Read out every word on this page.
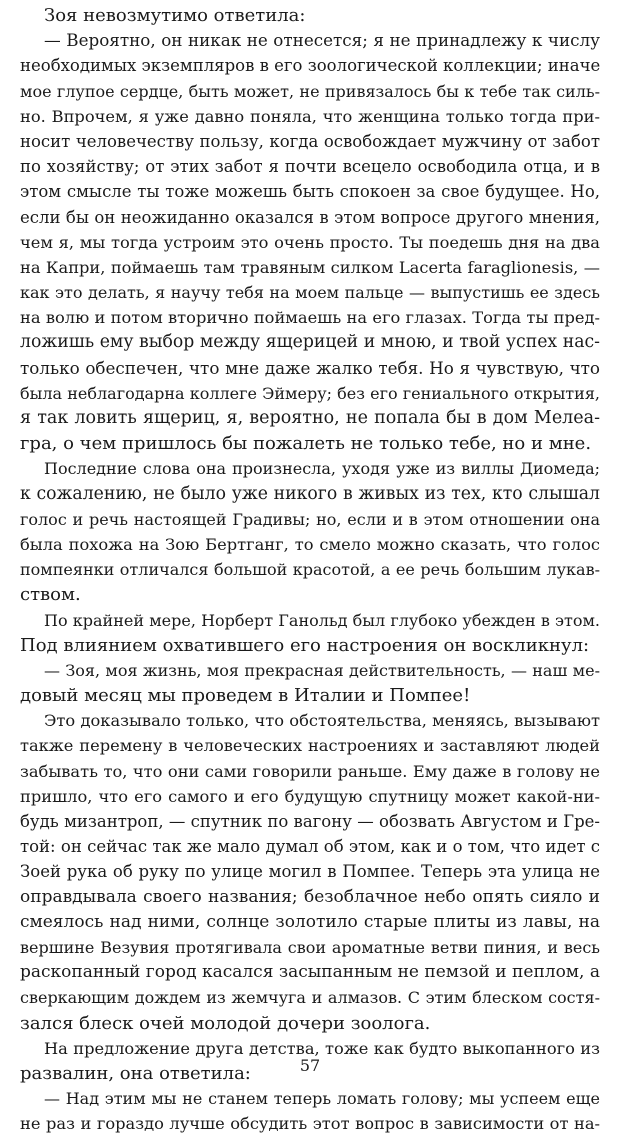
Зоя невозмутимо ответила:
— Вероятно, он никак не отнесется; я не принадлежу к числу
необходимых экземпляров в его зоологической коллекции; иначе
мое глупое сердце, быть может, не привязалось бы к тебе так силь-
но. Впрочем, я уже давно поняла, что женщина только тогда при-
носит человечеству пользу, когда освобождает мужчину от забот
по хозяйству; от этих забот я почти всецело освободила отца, и в
этом смысле ты тоже можешь быть спокоен за свое будущее. Но,
если бы он неожиданно оказался в этом вопросе другого мнения,
чем я, мы тогда устроим это очень просто. Ты поедешь дня на два
на Капри, поймаешь там травяным силком Lacerta faraglionesis, —
как это делать, я научу тебя на моем пальце — выпустишь ее здесь
на волю и потом вторично поймаешь на его глазах. Тогда ты пред-
ложишь ему выбор между ящерицей и мною, и твой успех нас-
только обеспечен, что мне даже жалко тебя. Но я чувствую, что
была неблагодарна коллеге Эймеру; без его гениального открытия,
я так ловить ящериц, я, вероятно, не попала бы в дом Мелеа-
гра, о чем пришлось бы пожалеть не только тебе, но и мне.
Последние слова она произнесла, уходя уже из виллы Диомеда;
к сожалению, не было уже никого в живых из тех, кто слышал
голос и речь настоящей Градивы; но, если и в этом отношении она
была похожа на Зою Бертганг, то смело можно сказать, что голос
помпеянки отличался большой красотой, а ее речь большим лукав-
ством.
По крайней мере, Норберт Ганольд был глубоко убежден в этом.
Под влиянием охватившего его настроения он воскликнул:
— Зоя, моя жизнь, моя прекрасная действительность, — наш ме-
довый месяц мы проведем в Италии и Помпее!
Это доказывало только, что обстоятельства, меняясь, вызывают
также перемену в человеческих настроениях и заставляют людей
забывать то, что они сами говорили раньше. Ему даже в голову не
пришло, что его самого и его будущую спутницу может какой-ни-
будь мизантроп, — спутник по вагону — обозвать Августом и Гре-
той: он сейчас так же мало думал об этом, как и о том, что идет с
Зоей рука об руку по улице могил в Помпее. Теперь эта улица не
оправдывала своего названия; безоблачное небо опять сияло и
смеялось над ними, солнце золотило старые плиты из лавы, на
вершине Везувия протягивала свои ароматные ветви пиния, и весь
раскопанный город касался засыпанным не пемзой и пеплом, а
сверкающим дождем из жемчуга и алмазов. С этим блеском состя-
зался блеск очей молодой дочери зоолога.
На предложение друга детства, тоже как будто выкопанного из
развалин, она ответила:
— Над этим мы не станем теперь ломать голову; мы успеем еще
не раз и гораздо лучше обсудить этот вопрос в зависимости от на-
57
